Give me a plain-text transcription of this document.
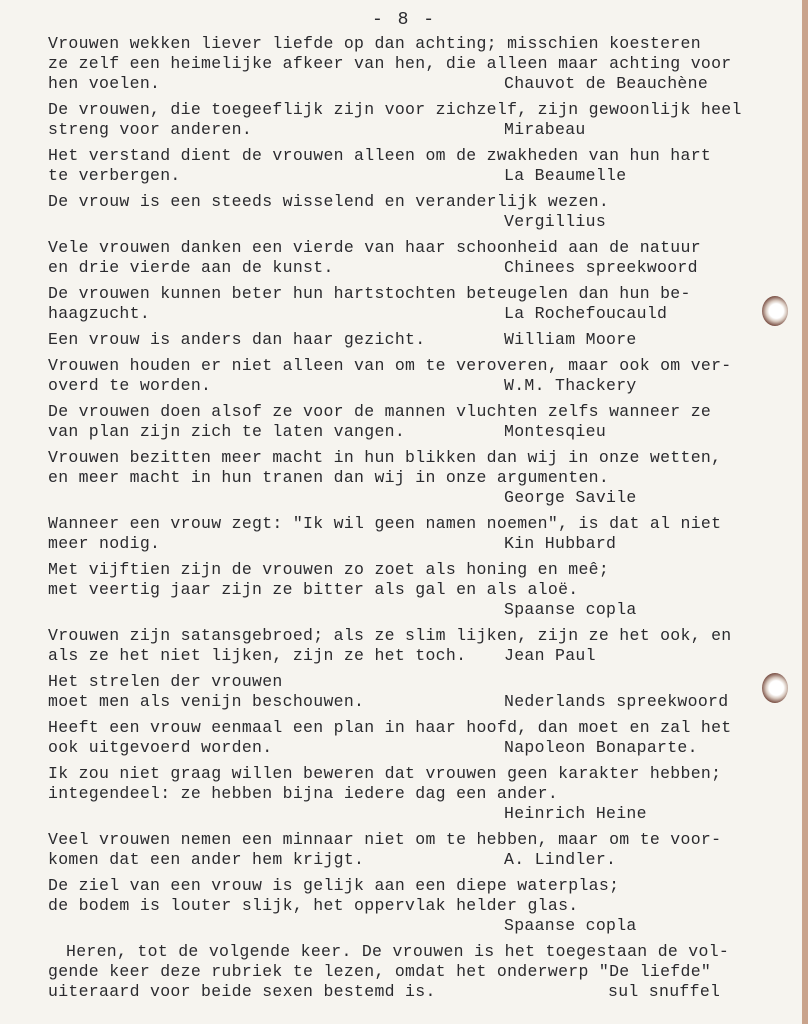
- 8 -
Vrouwen wekken liever liefde op dan achting; misschien koesteren
ze zelf een heimelijke afkeer van hen, die alleen maar achting voor
hen voelen.	Chauvot de Beauchène
De vrouwen, die toegeeflijk zijn voor zichzelf, zijn gewoonlijk heel
streng voor anderen.	Mirabeau
Het verstand dient de vrouwen alleen om de zwakheden van hun hart
te verbergen.	La Beaumelle
De vrouw is een steeds wisselend en veranderlijk wezen.
Vergillius
Vele vrouwen danken een vierde van haar schoonheid aan de natuur
en drie vierde aan de kunst.	Chinees spreekwoord
De vrouwen kunnen beter hun hartstochten beteugelen dan hun be-
haagzucht.	La Rochefoucauld
Een vrouw is anders dan haar gezicht.	William Moore
Vrouwen houden er niet alleen van om te veroveren, maar ook om ver-
overd te worden.	W.M. Thackery
De vrouwen doen alsof ze voor de mannen vluchten zelfs wanneer ze
van plan zijn zich te laten vangen.	Montesqieu
Vrouwen bezitten meer macht in hun blikken dan wij in onze wetten,
en meer macht in hun tranen dan wij in onze argumenten.
George Savile
Wanneer een vrouw zegt: "Ik wil geen namen noemen", is dat al niet
meer nodig.	Kin Hubbard
Met vijftien zijn de vrouwen zo zoet als honing en meê;
met veertig jaar zijn ze bitter als gal en als aloë.
Spaanse copla
Vrouwen zijn satansgebroed; als ze slim lijken, zijn ze het ook, en
als ze het niet lijken, zijn ze het toch. Jean Paul
Het strelen der vrouwen
moet men als venijn beschouwen.	Nederlands spreekwoord
Heeft een vrouw eenmaal een plan in haar hoofd, dan moet en zal het
ook uitgevoerd worden.	Napoleon Bonaparte.
Ik zou niet graag willen beweren dat vrouwen geen karakter hebben;
integendeel: ze hebben bijna iedere dag een ander.
Heinrich Heine
Veel vrouwen nemen een minnaar niet om te hebben, maar om te voor-
komen dat een ander hem krijgt.	A. Lindler.
De ziel van een vrouw is gelijk aan een diepe waterplas;
de bodem is louter slijk, het oppervlak helder glas.
Spaanse copla
Heren, tot de volgende keer. De vrouwen is het toegestaan de vol-
gende keer deze rubriek te lezen, omdat het onderwerp "De liefde"
uiteraard voor beide sexen bestemd is.	sul snuffel
